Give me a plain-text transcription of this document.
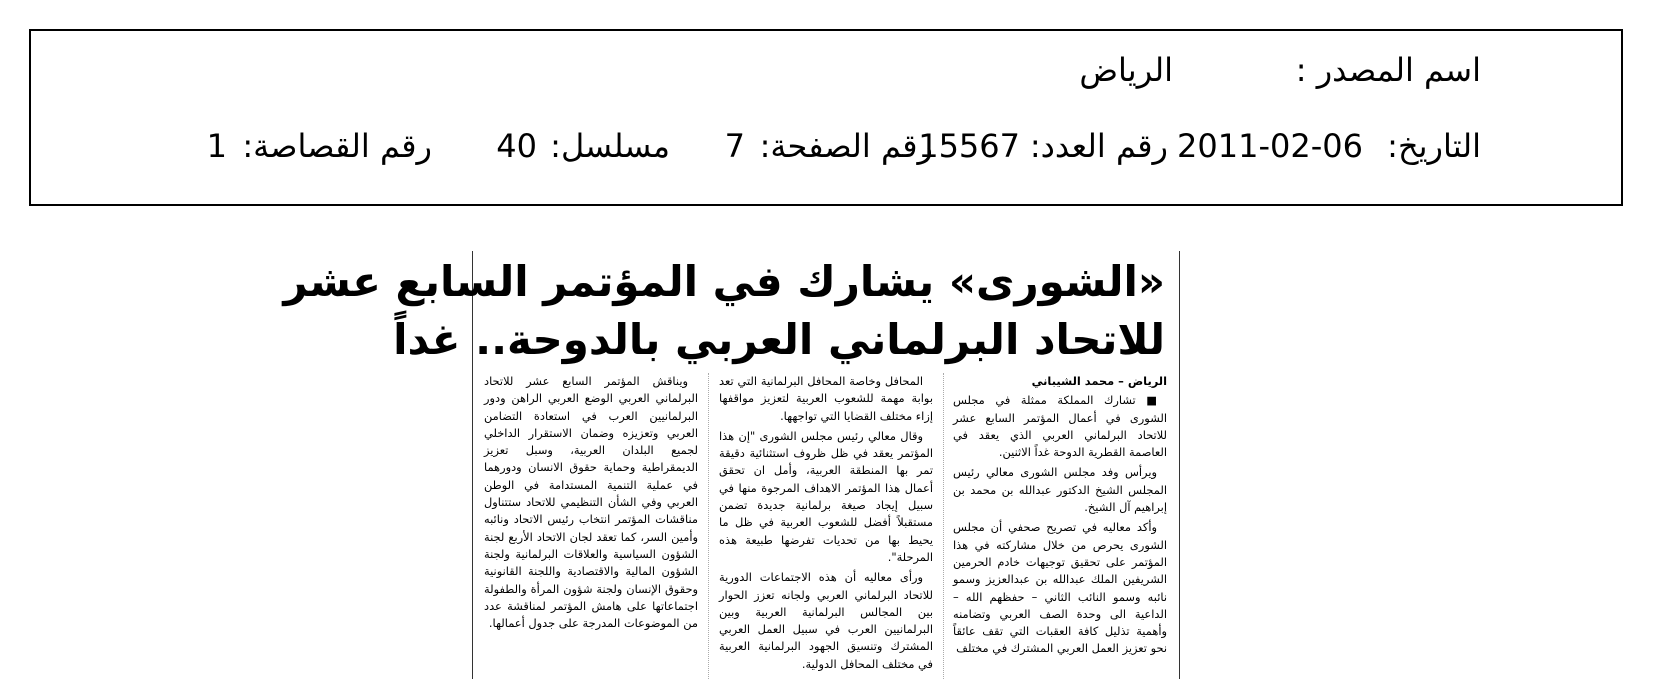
اسم المصدر :
الرياض
التاريخ:
2011-02-06
رقم العدد:
15567
رقم الصفحة:
7
مسلسل:
40
رقم القصاصة:
1
«الشورى» يشارك في المؤتمر السابع عشر
للاتحاد البرلماني العربي بالدوحة.. غداً
الرياض – محمد الشيباني

■ تشارك المملكة ممثلة في مجلس الشورى في أعمال المؤتمر السابع عشر للاتحاد البرلماني العربي الذي يعقد في العاصمة القطرية الدوحة غداً الاثنين.

ويرأس وفد مجلس الشورى معالي رئيس المجلس الشيخ الدكتور عبدالله بن محمد بن إبراهيم آل الشيخ.

وأكد معاليه في تصريح صحفي أن مجلس الشورى يحرص من خلال مشاركته في هذا المؤتمر على تحقيق توجيهات خادم الحرمين الشريفين الملك عبدالله بن عبدالعزيز وسمو نائبه وسمو النائب الثاني – حفظهم الله – الداعية الى وحدة الصف العربي وتضامنه وأهمية تذليل كافة العقبات التي تقف عائقاً نحو تعزيز العمل العربي المشترك في مختلف

المحافل وخاصة المحافل البرلمانية التي تعد بوابة مهمة للشعوب العربية لتعزيز مواقفها إزاء مختلف القضايا التي تواجهها.

وقال معالي رئيس مجلس الشورى "إن هذا المؤتمر يعقد في ظل ظروف استثنائية دقيقة تمر بها المنطقة العربية، وأمل ان تحقق أعمال هذا المؤتمر الاهداف المرجوة منها في سبيل إيجاد صيغة برلمانية جديدة تضمن مستقبلاً أفضل للشعوب العربية في ظل ما يحيط بها من تحديات تفرضها طبيعة هذه المرحلة".

ورأى معاليه أن هذه الاجتماعات الدورية للاتحاد البرلماني العربي ولجانه تعزز الحوار بين المجالس البرلمانية العربية وبين البرلمانيين العرب في سبيل العمل العربي المشترك وتنسيق الجهود البرلمانية العربية في مختلف المحافل الدولية.

ويناقش المؤتمر السابع عشر للاتحاد البرلماني العربي الوضع العربي الراهن ودور البرلمانيين العرب في استعادة التضامن العربي وتعزيزه وضمان الاستقرار الداخلي لجميع البلدان العربية، وسبل تعزيز الديمقراطية وحماية حقوق الانسان ودورهما في عملية التنمية المستدامة في الوطن العربي وفي الشأن التنظيمي للاتحاد ستتناول مناقشات المؤتمر انتخاب رئيس الاتحاد ونائبه وأمين السر، كما تعقد لجان الاتحاد الأربع لجنة الشؤون السياسية والعلاقات البرلمانية ولجنة الشؤون المالية والاقتصادية واللجنة القانونية وحقوق الإنسان ولجنة شؤون المرأة والطفولة اجتماعاتها على هامش المؤتمر لمناقشة عدد من الموضوعات المدرجة على جدول أعمالها.
